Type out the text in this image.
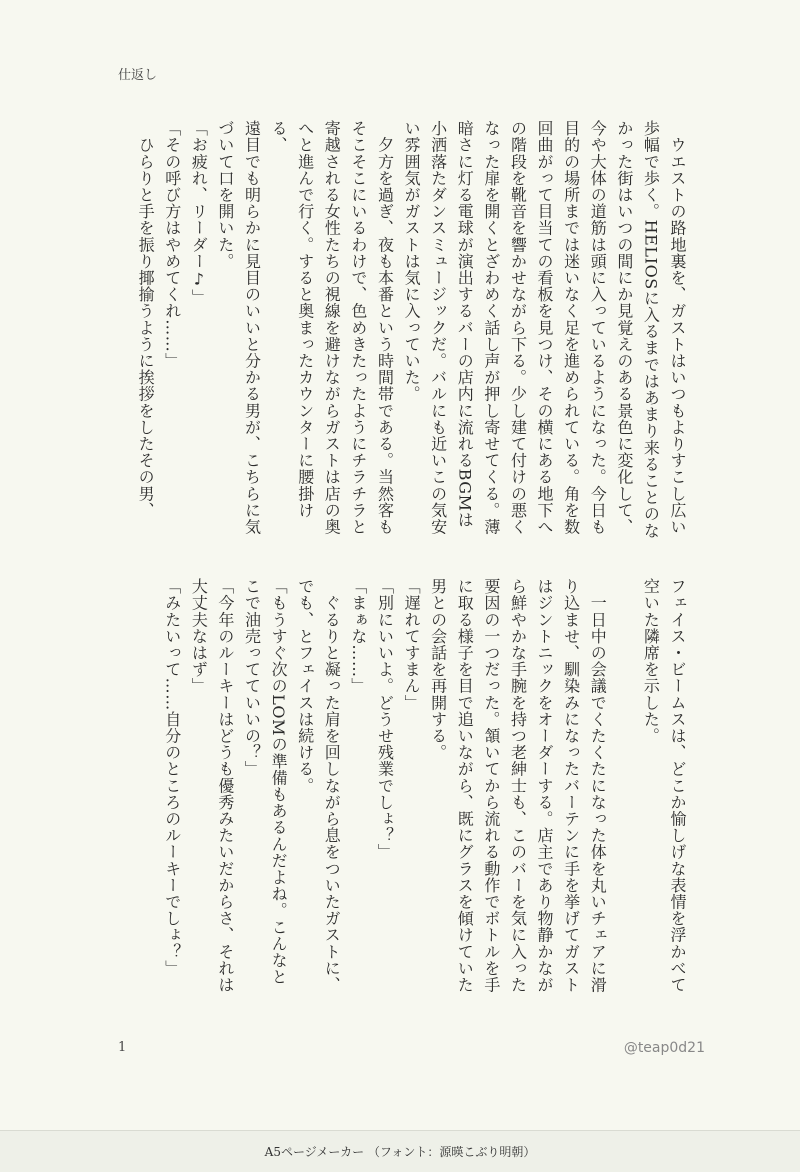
仕返し

　ウエストの路地裏を、ガストはいつもよりすこし広い

歩幅で歩く。HELIOSに入るまではあまり来ることのな

かった街はいつの間にか見覚えのある景色に変化して、

今や大体の道筋は頭に入っているようになった。今日も

目的の場所までは迷いなく足を進められている。角を数

回曲がって目当ての看板を見つけ、その横にある地下へ

の階段を靴音を響かせながら下る。少し建て付けの悪く

なった扉を開くとざわめく話し声が押し寄せてくる。薄

暗さに灯る電球が演出するバーの店内に流れるBGMは

小洒落たダンスミュージックだ。バルにも近いこの気安

い雰囲気がガストは気に入っていた。

　夕方を過ぎ、夜も本番という時間帯である。当然客も

そこそこにいるわけで、色めきたったようにチラチラと

寄越される女性たちの視線を避けながらガストは店の奥

へと進んで行く。すると奥まったカウンターに腰掛ける、

遠目でも明らかに見目のいいと分かる男が、こちらに気

づいて口を開いた。

「お疲れ、リーダー♪」

「その呼び方はやめてくれ……」

　ひらりと手を振り揶揄うように挨拶をしたその男、

フェイス・ビームスは、どこか愉しげな表情を浮かべて

空いた隣席を示した。

　一日中の会議でくたくたになった体を丸いチェアに滑

り込ませ、馴染みになったバーテンに手を挙げてガスト

はジントニックをオーダーする。店主であり物静かなが

ら鮮やかな手腕を持つ老紳士も、このバーを気に入った

要因の一つだった。頷いてから流れる動作でボトルを手

に取る様子を目で追いながら、既にグラスを傾けていた

男との会話を再開する。

「遅れてすまん」

「別にいいよ。どうせ残業でしょ？」

「まぁな……」

　ぐるりと凝った肩を回しながら息をついたガストに、

でも、とフェイスは続ける。

「もうすぐ次のLOMの準備もあるんだよね。こんなと

こで油売ってていいの？」

「今年のルーキーはどうも優秀みたいだからさ、それは

大丈夫なはず」

「みたいって……自分のところのルーキーでしょ？」

1	@teap0d21
A5ページメーカー （フォント：源暎こぶり明朝）
